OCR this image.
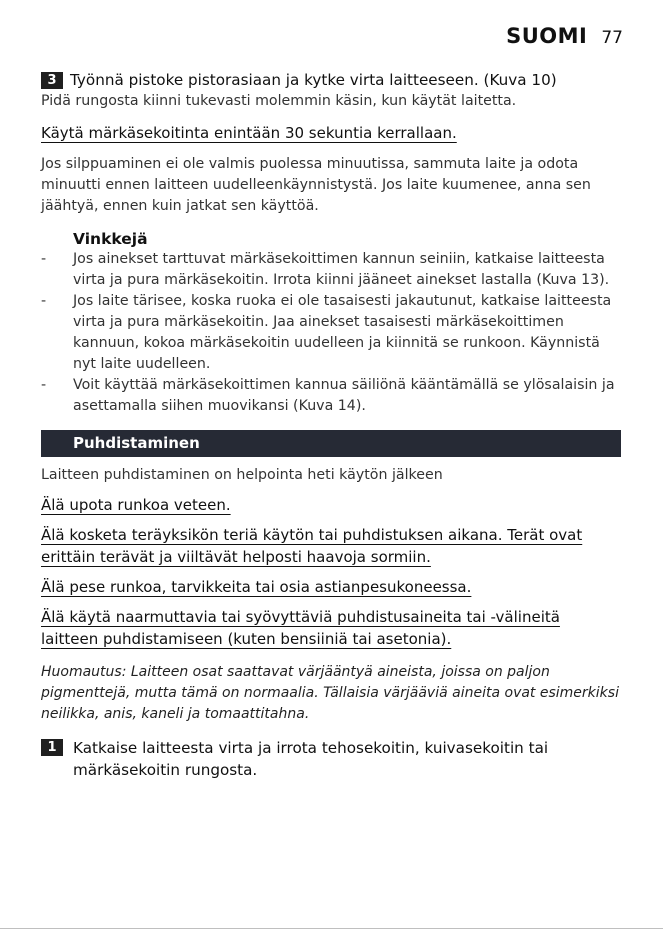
SUOMI 77
3 Työnnä pistoke pistorasiaan ja kytke virta laitteeseen. (Kuva 10)
Pidä rungosta kiinni tukevasti molemmin käsin, kun käytät laitetta.
Käytä märkäsekoitinta enintään 30 sekuntia kerrallaan.
Jos silppuaminen ei ole valmis puolessa minuutissa, sammuta laite ja odota minuutti ennen laitteen uudelleenkäynnistystä. Jos laite kuumenee, anna sen jäähtyä, ennen kuin jatkat sen käyttöä.
Vinkkejä
- Jos ainekset tarttuvat märkäsekoittimen kannun seiniin, katkaise laitteesta virta ja pura märkäsekoitin. Irrota kiinni jääneet ainekset lastalla (Kuva 13).
- Jos laite tärisee, koska ruoka ei ole tasaisesti jakautunut, katkaise laitteesta virta ja pura märkäsekoitin. Jaa ainekset tasaisesti märkäsekoittimen kannuun, kokoa märkäsekoitin uudelleen ja kiinnitä se runkoon. Käynnistä nyt laite uudelleen.
- Voit käyttää märkäsekoittimen kannua säiliönä kääntämällä se ylösalaisin ja asettamalla siihen muovikansi (Kuva 14).
Puhdistaminen
Laitteen puhdistaminen on helpointa heti käytön jälkeen
Älä upota runkoa veteen.
Älä kosketa teräyksikön teriä käytön tai puhdistuksen aikana. Terät ovat erittäin terävät ja viiltävät helposti haavoja sormiin.
Älä pese runkoa, tarvikkeita tai osia astianpesukoneessa.
Älä käytä naarmuttavia tai syövyttäviä puhdistusaineita tai -välineitä laitteen puhdistamiseen (kuten bensiiniä tai asetonia).
Huomautus: Laitteen osat saattavat värjääntyä aineista, joissa on paljon pigmenttejä, mutta tämä on normaalia. Tällaisia värjääviä aineita ovat esimerkiksi neilikka, anis, kaneli ja tomaattitahna.
1	Katkaise laitteesta virta ja irrota tehosekoitin, kuivasekoitin tai märkäsekoitin rungosta.
